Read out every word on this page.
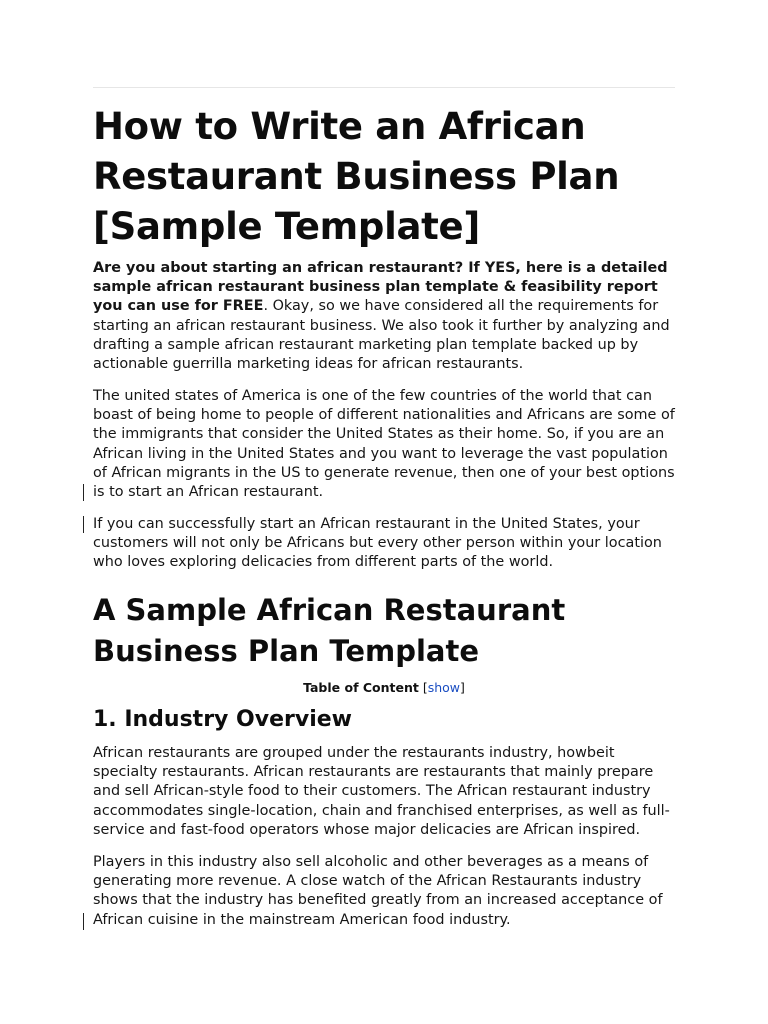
How to Write an African Restaurant Business Plan [Sample Template]

Are you about starting an african restaurant? If YES, here is a detailed sample african restaurant business plan template & feasibility report you can use for FREE. Okay, so we have considered all the requirements for starting an african restaurant business. We also took it further by analyzing and drafting a sample african restaurant marketing plan template backed up by actionable guerrilla marketing ideas for african restaurants.

The united states of America is one of the few countries of the world that can boast of being home to people of different nationalities and Africans are some of the immigrants that consider the United States as their home. So, if you are an African living in the United States and you want to leverage the vast population of African migrants in the US to generate revenue, then one of your best options is to start an African restaurant.

If you can successfully start an African restaurant in the United States, your customers will not only be Africans but every other person within your location who loves exploring delicacies from different parts of the world.

A Sample African Restaurant Business Plan Template
Table of Content [show]
1. Industry Overview

African restaurants are grouped under the restaurants industry, howbeit specialty restaurants. African restaurants are restaurants that mainly prepare and sell African-style food to their customers. The African restaurant industry accommodates single-location, chain and franchised enterprises, as well as full-service and fast-food operators whose major delicacies are African inspired.

Players in this industry also sell alcoholic and other beverages as a means of generating more revenue. A close watch of the African Restaurants industry shows that the industry has benefited greatly from an increased acceptance of African cuisine in the mainstream American food industry.
